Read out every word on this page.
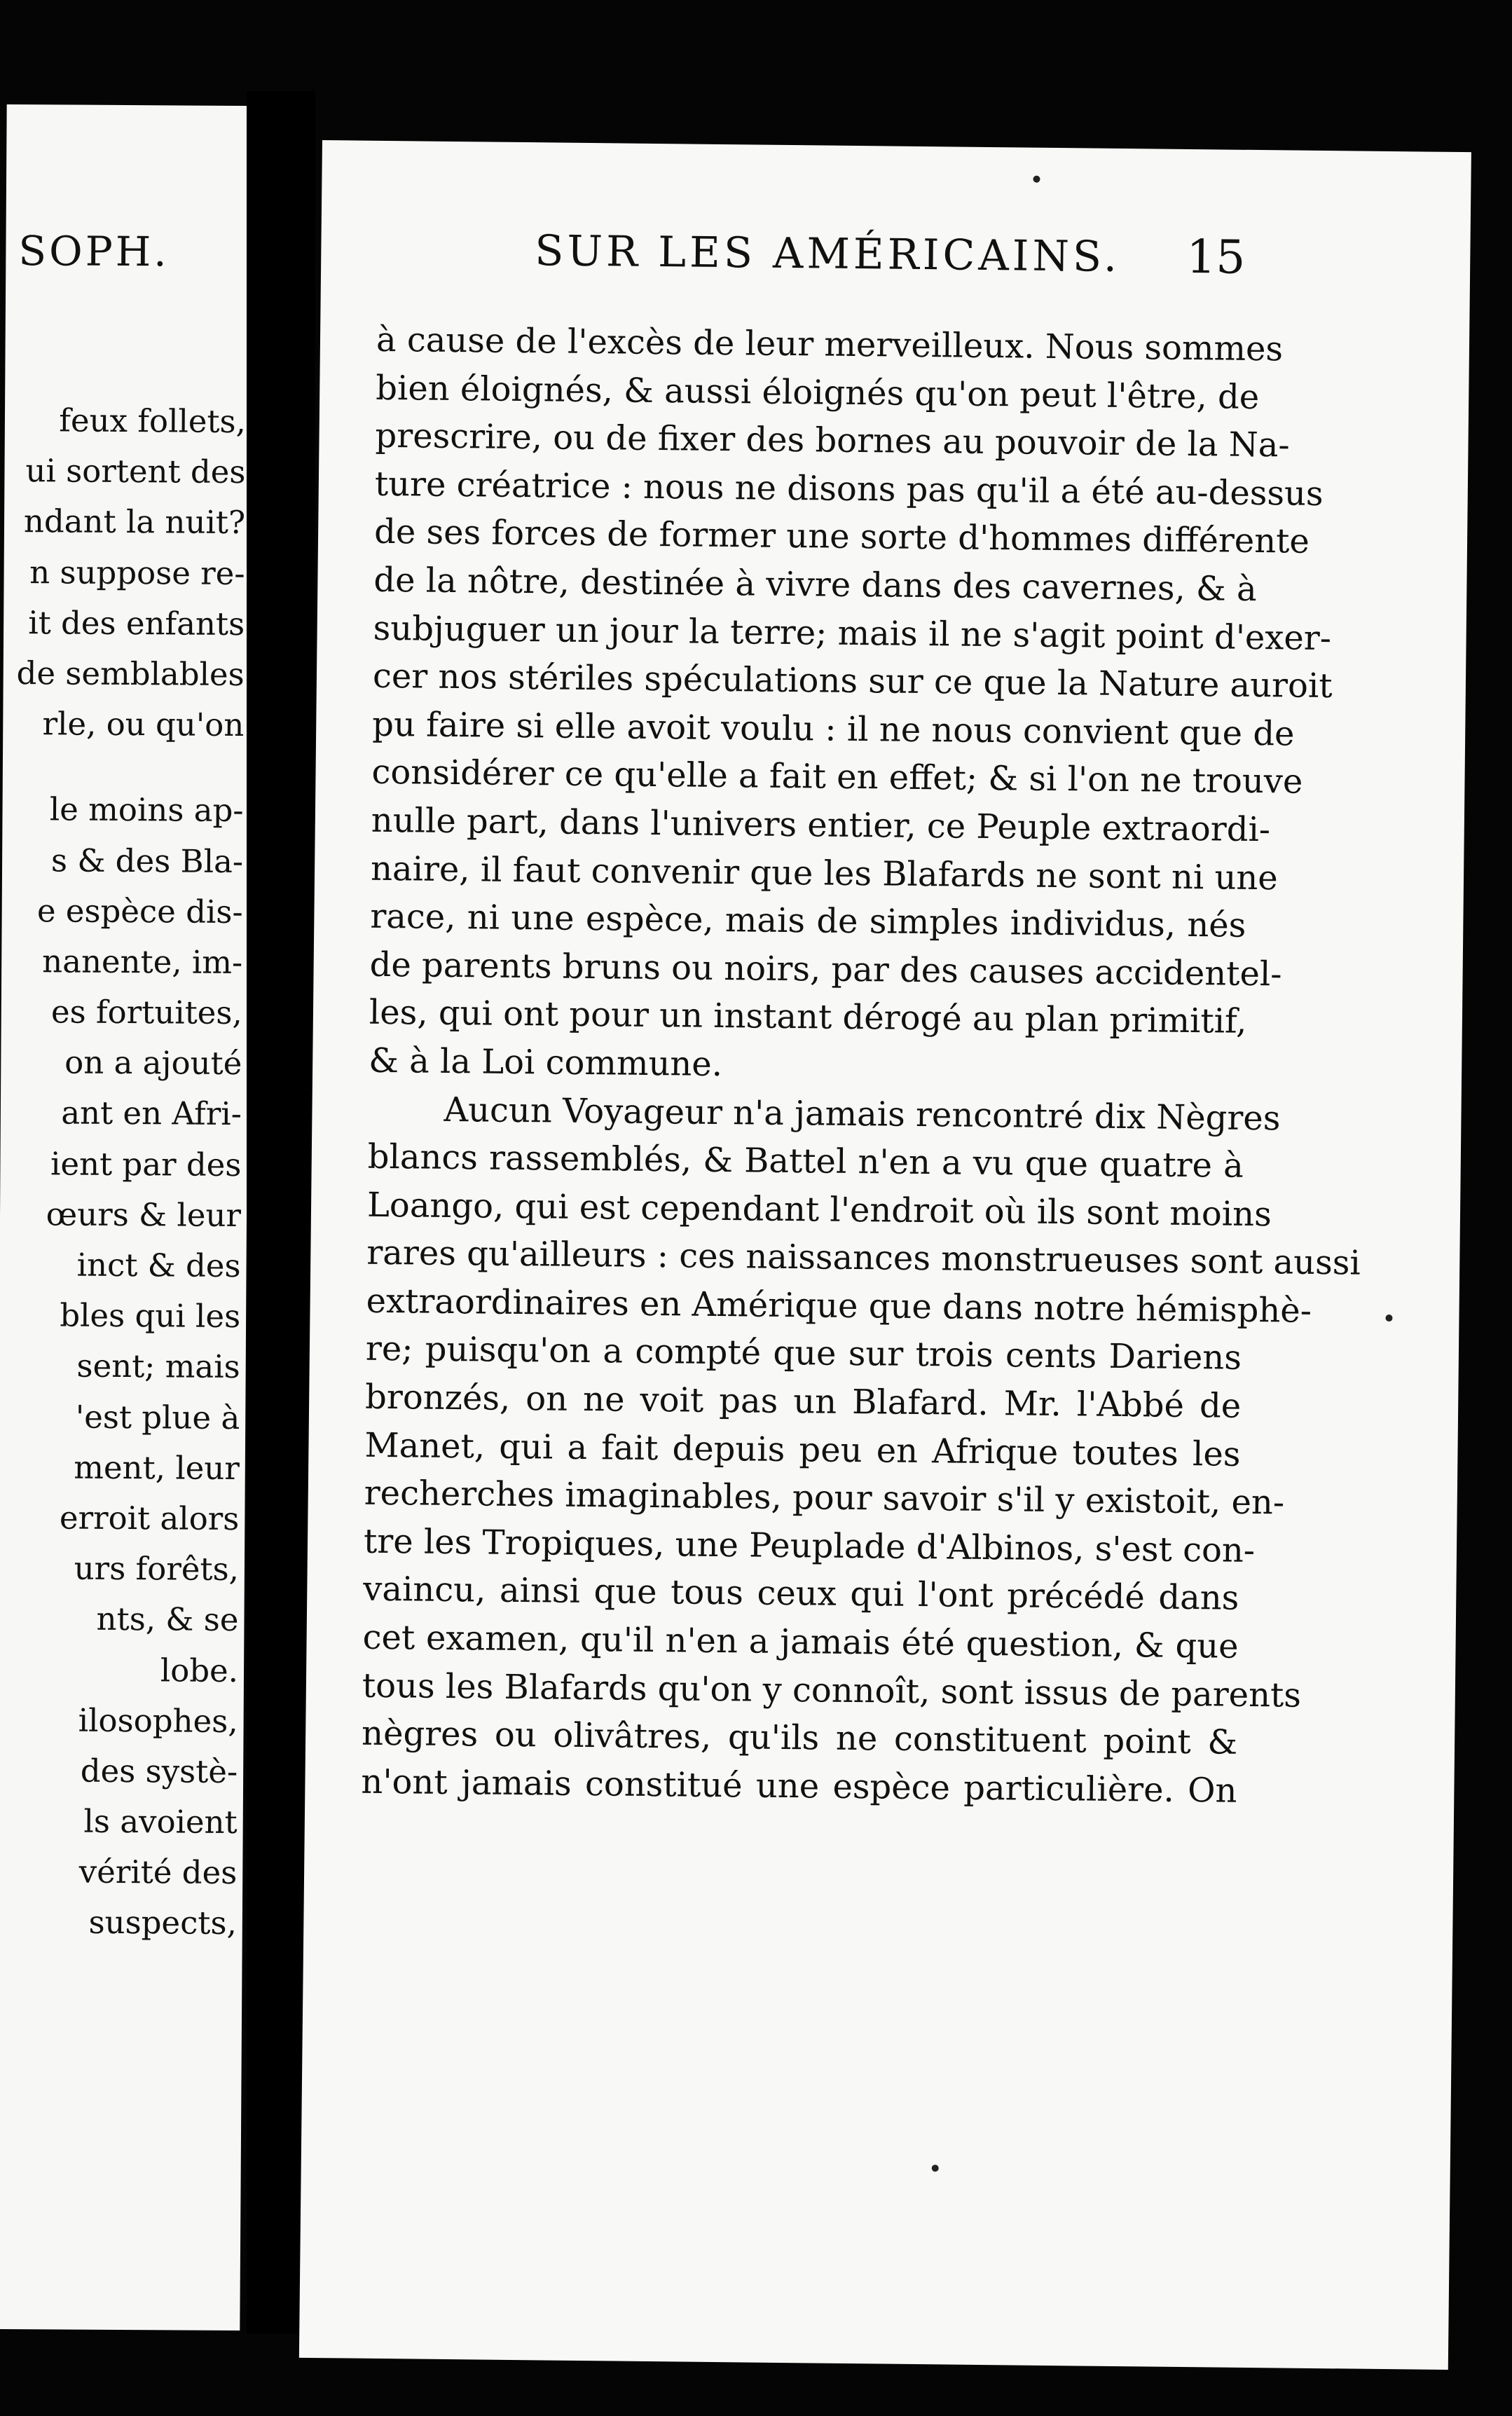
SOPH.
feux follets,
ui sortent des
ndant la nuit?
n suppose re-
it des enfants
de semblables
rle, ou qu'on
le moins ap-
s & des Bla-
e espèce dis-
nanente, im-
es fortuites,
on a ajouté
ant en Afri-
ient par des
œurs & leur
inct & des
bles qui les
sent; mais
'est plue à
ment, leur
erroit alors
urs forêts,
nts, & se
lobe.
ilosophes,
des systè-
ls avoient
vérité des
suspects,
SUR LES AMÉRICAINS. 15
à cause de l'excès de leur merveilleux. Nous sommes
bien éloignés, & aussi éloignés qu'on peut l'être, de
prescrire, ou de fixer des bornes au pouvoir de la Na-
ture créatrice : nous ne disons pas qu'il a été au-dessus
de ses forces de former une sorte d'hommes différente
de la nôtre, destinée à vivre dans des cavernes, & à
subjuguer un jour la terre; mais il ne s'agit point d'exer-
cer nos stériles spéculations sur ce que la Nature auroit
pu faire si elle avoit voulu : il ne nous convient que de
considérer ce qu'elle a fait en effet; & si l'on ne trouve
nulle part, dans l'univers entier, ce Peuple extraordi-
naire, il faut convenir que les Blafards ne sont ni une
race, ni une espèce, mais de simples individus, nés
de parents bruns ou noirs, par des causes accidentel-
les, qui ont pour un instant dérogé au plan primitif,
& à la Loi commune.
Aucun Voyageur n'a jamais rencontré dix Nègres
blancs rassemblés, & Battel n'en a vu que quatre à
Loango, qui est cependant l'endroit où ils sont moins
rares qu'ailleurs : ces naissances monstrueuses sont aussi
extraordinaires en Amérique que dans notre hémisphè-
re; puisqu'on a compté que sur trois cents Dariens
bronzés, on ne voit pas un Blafard. Mr. l'Abbé de
Manet, qui a fait depuis peu en Afrique toutes les
recherches imaginables, pour savoir s'il y existoit, en-
tre les Tropiques, une Peuplade d'Albinos, s'est con-
vaincu, ainsi que tous ceux qui l'ont précédé dans
cet examen, qu'il n'en a jamais été question, & que
tous les Blafards qu'on y connoît, sont issus de parents
nègres ou olivâtres, qu'ils ne constituent point &
n'ont jamais constitué une espèce particulière. On
